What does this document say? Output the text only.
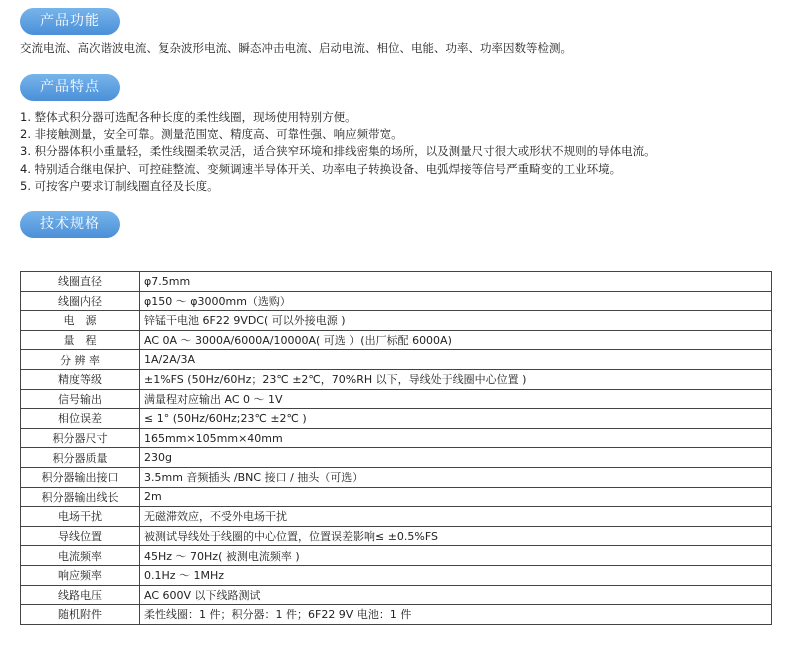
产品功能
交流电流、高次谐波电流、复杂波形电流、瞬态冲击电流、启动电流、相位、电能、功率、功率因数等检测。
产品特点
1. 整体式积分器可选配各种长度的柔性线圈，现场使用特别方便。
2. 非接触测量，安全可靠。测量范围宽、精度高、可靠性强、响应频带宽。
3. 积分器体积小重量轻，柔性线圈柔软灵活，适合狭窄环境和排线密集的场所，以及测量尺寸很大或形状不规则的导体电流。
4. 特别适合继电保护、可控硅整流、变频调速半导体开关、功率电子转换设备、电弧焊接等信号严重畸变的工业环境。
5. 可按客户要求订制线圈直径及长度。
技术规格
线圈直径	φ7.5mm
线圈内径	φ150 ～ φ3000mm（选购）
电　源	锌锰干电池 6F22 9VDC( 可以外接电源 )
量　程	AC 0A ～ 3000A/6000A/10000A( 可选 ）(出厂标配 6000A)
分 辨 率	1A/2A/3A
精度等级	±1%FS (50Hz/60Hz；23℃ ±2℃，70%RH 以下，导线处于线圈中心位置 )
信号输出	满量程对应输出 AC 0 ～ 1V
相位误差	≤ 1° (50Hz/60Hz;23℃ ±2℃ )
积分器尺寸	165mm×105mm×40mm
积分器质量	230g
积分器输出接口	3.5mm 音频插头 /BNC 接口 / 抽头（可选）
积分器输出线长	2m
电场干扰	无磁滞效应，不受外电场干扰
导线位置	被测试导线处于线圈的中心位置，位置误差影响≤ ±0.5%FS
电流频率	45Hz ～ 70Hz( 被测电流频率 )
响应频率	0.1Hz ～ 1MHz
线路电压	AC 600V 以下线路测试
随机附件	柔性线圈：1 件；积分器：1 件；6F22 9V 电池：1 件
